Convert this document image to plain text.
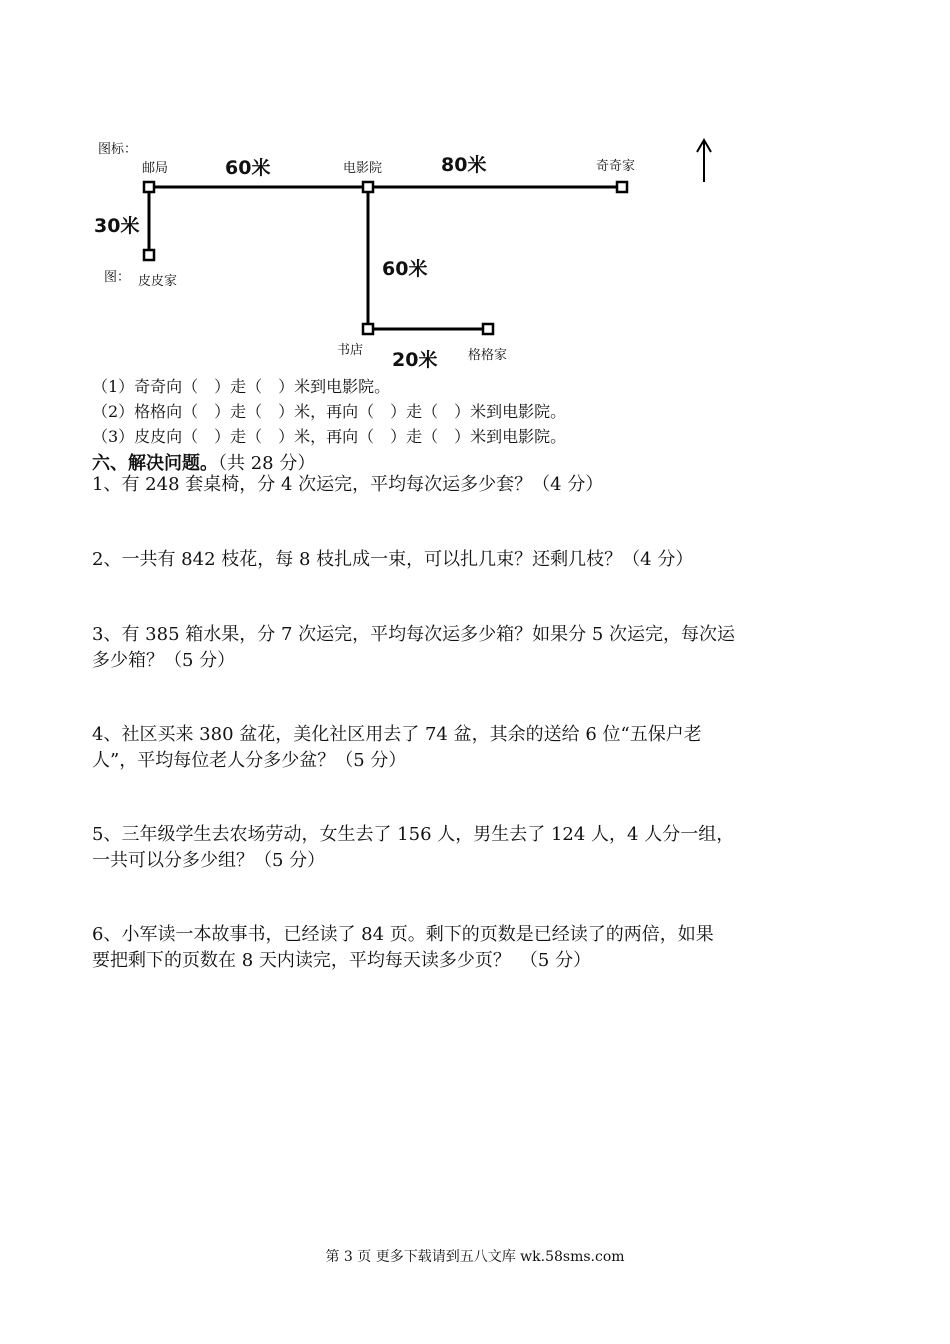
图标：
图：
邮局	电影院	奇奇家
皮皮家
书店	格格家
60米	80米
30米
60米
20米
（1）奇奇向（　）走（　）米到电影院。
（2）格格向（　）走（　）米，再向（　）走（　）米到电影院。
（3）皮皮向（　）走（　）米，再向（　）走（　）米到电影院。
六、解决问题。（共 28 分）
1、有 248 套桌椅，分 4 次运完，平均每次运多少套？（4 分）
2、一共有 842 枝花，每 8 枝扎成一束，可以扎几束？还剩几枝？（4 分）
3、有 385 箱水果，分 7 次运完，平均每次运多少箱？如果分 5 次运完，每次运
多少箱？（5 分）
4、社区买来 380 盆花，美化社区用去了 74 盆，其余的送给 6 位“五保户老
人”，平均每位老人分多少盆？（5 分）
5、三年级学生去农场劳动，女生去了 156 人，男生去了 124 人，4 人分一组，
一共可以分多少组？（5 分）
6、小军读一本故事书，已经读了 84 页。剩下的页数是已经读了的两倍，如果
要把剩下的页数在 8 天内读完，平均每天读多少页？　（5 分）
第 3 页 更多下载请到五八文库 wk.58sms.com
